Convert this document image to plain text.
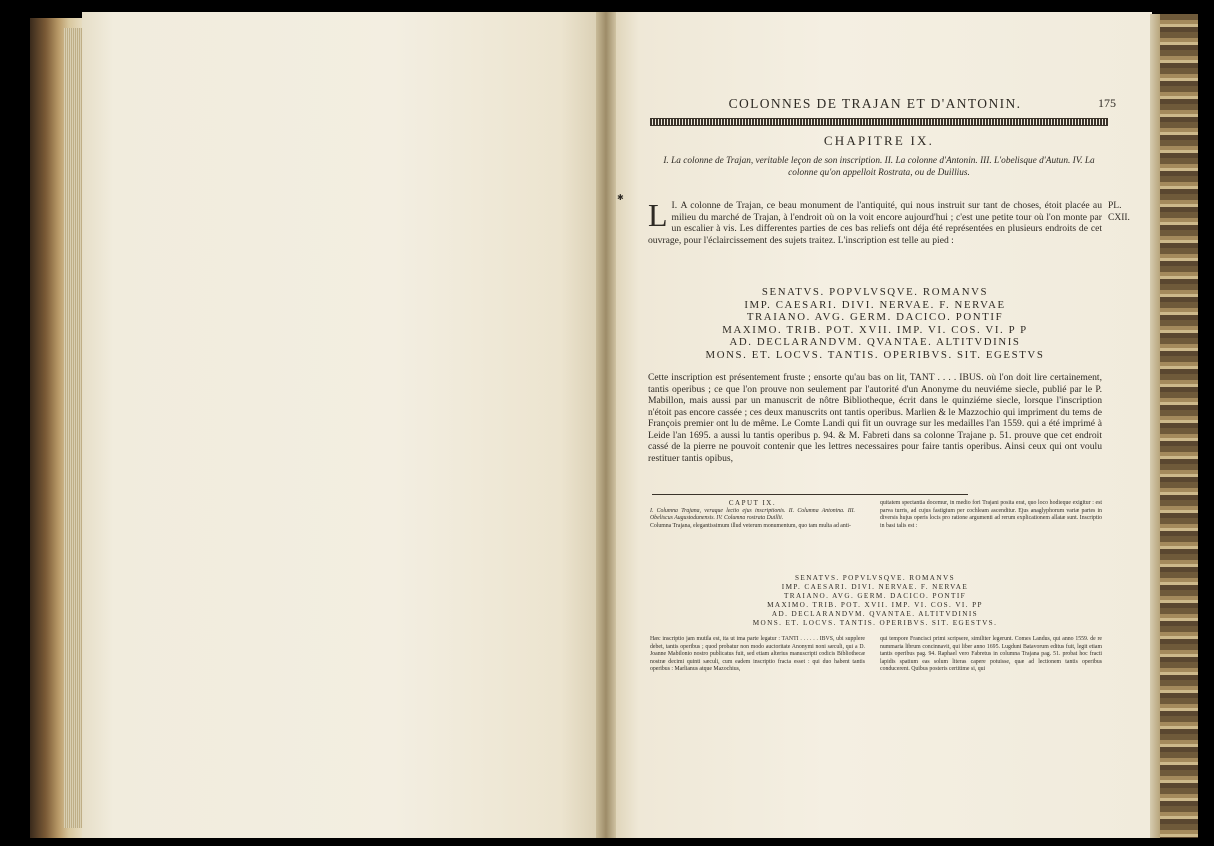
COLONNES DE TRAJAN ET D'ANTONIN.	175
CHAPITRE IX.
I. La colonne de Trajan, veritable leçon de son inscription. II. La colonne d'Antonin. III. L'obelisque d'Autun. IV. La colonne qu'on appelloit Rostrata, ou de Duillius.
✱
PL. CXII.
I.
L A colonne de Trajan, ce beau monument de l'antiquité, qui nous instruit sur tant de choses, étoit placée au milieu du marché de Trajan, à l'endroit où on la voit encore aujourd'hui ; c'est une petite tour où l'on monte par un escalier à vis. Les differentes parties de ces bas reliefs ont déja été représentées en plusieurs endroits de cet ouvrage, pour l'éclaircissement des sujets traitez. L'inscription est telle au pied :
SENATVS. POPVLVSQVE. ROMANVS
IMP. CAESARI. DIVI. NERVAE. F. NERVAE
TRAIANO. AVG. GERM. DACICO. PONTIF
MAXIMO. TRIB. POT. XVII. IMP. VI. COS. VI. P P
AD. DECLARANDVM. QVANTAE. ALTITVDINIS
MONS. ET. LOCVS. TANTIS. OPERIBVS. SIT. EGESTVS
Cette inscription est présentement fruste ; ensorte qu'au bas on lit, TANT . . . . IBUS. où l'on doit lire certainement, tantis operibus ; ce que l'on prouve non seulement par l'autorité d'un Anonyme du neuviéme siecle, publié par le P. Mabillon, mais aussi par un manuscrit de nôtre Bibliotheque, écrit dans le quinziéme siecle, lorsque l'inscription n'étoit pas encore cassée ; ces deux manuscrits ont tantis operibus. Marlien & le Mazzochio qui impriment du tems de François premier ont lu de même. Le Comte Landi qui fit un ouvrage sur les medailles l'an 1559. qui a été imprimé à Leide l'an 1695. a aussi lu tantis operibus p. 94. & M. Fabreti dans sa colonne Trajane p. 51. prouve que cet endroit cassé de la pierre ne pouvoit contenir que les lettres necessaires pour faire tantis operibus. Ainsi ceux qui ont voulu restituer tantis opibus,
CAPUT IX.
I. Columna Trajana, veraque lectio ejus inscriptionis. II. Columna Antonina. III. Obeliscus Augustodunensis. IV. Columna rostrata Duillii.
Columna Trajana, elegantissimum illud veterum monumentum, quo tam multa ad anti-
quitatem spectantia docemur, in medio fori Trajani posita erat, quo loco hodieque exigitur : est parva turris, ad cujus fastigium per cochleam ascenditur. Ejus anaglyphorum variæ partes in diversis hujus operis locis pro ratione argumenti ad rerum explicationem allatæ sunt. Inscriptio in basi talis est :
SENATVS. POPVLVSQVE. ROMANVS
IMP. CAESARI. DIVI. NERVAE. F. NERVAE
TRAIANO. AVG. GERM. DACICO. PONTIF
MAXIMO. TRIB. POT. XVII. IMP. VI. COS. VI. PP
AD. DECLARANDVM. QVANTAE. ALTITVDINIS
MONS. ET. LOCVS. TANTIS. OPERIBVS. SIT. EGESTVS.
Hæc inscriptio jam mutila est, ita ut ima parte legatur : TANTI . . . . . . IBVS, ubi supplere debet, tantis operibus ; quod probatur non modo auctoritate Anonymi noni sæculi, qui a D. Joanne Mabilonio nostro publicatus fuit, sed etiam alterius manuscripti codicis Bibliothecæ nostræ decimi quinti sæculi, cum eadem inscriptio fracta esset : qui duo habent tantis operibus : Marlianus atque Mazochius,
qui tempore Francisci primi scripsere, similiter legerunt. Comes Landus, qui anno 1559. de re nummaria librum concinnavit, qui liber anno 1695. Lugduni Batavorum editus fuit, legit etiam tantis operibus pag. 94. Raphael vero Fabretus in columna Trajana pag. 51. probat hoc fracti lapidis spatium eas solum literas capere potuisse, quæ ad lectionem tantis operibus conducerent. Quibus posteris certitime si, qui
